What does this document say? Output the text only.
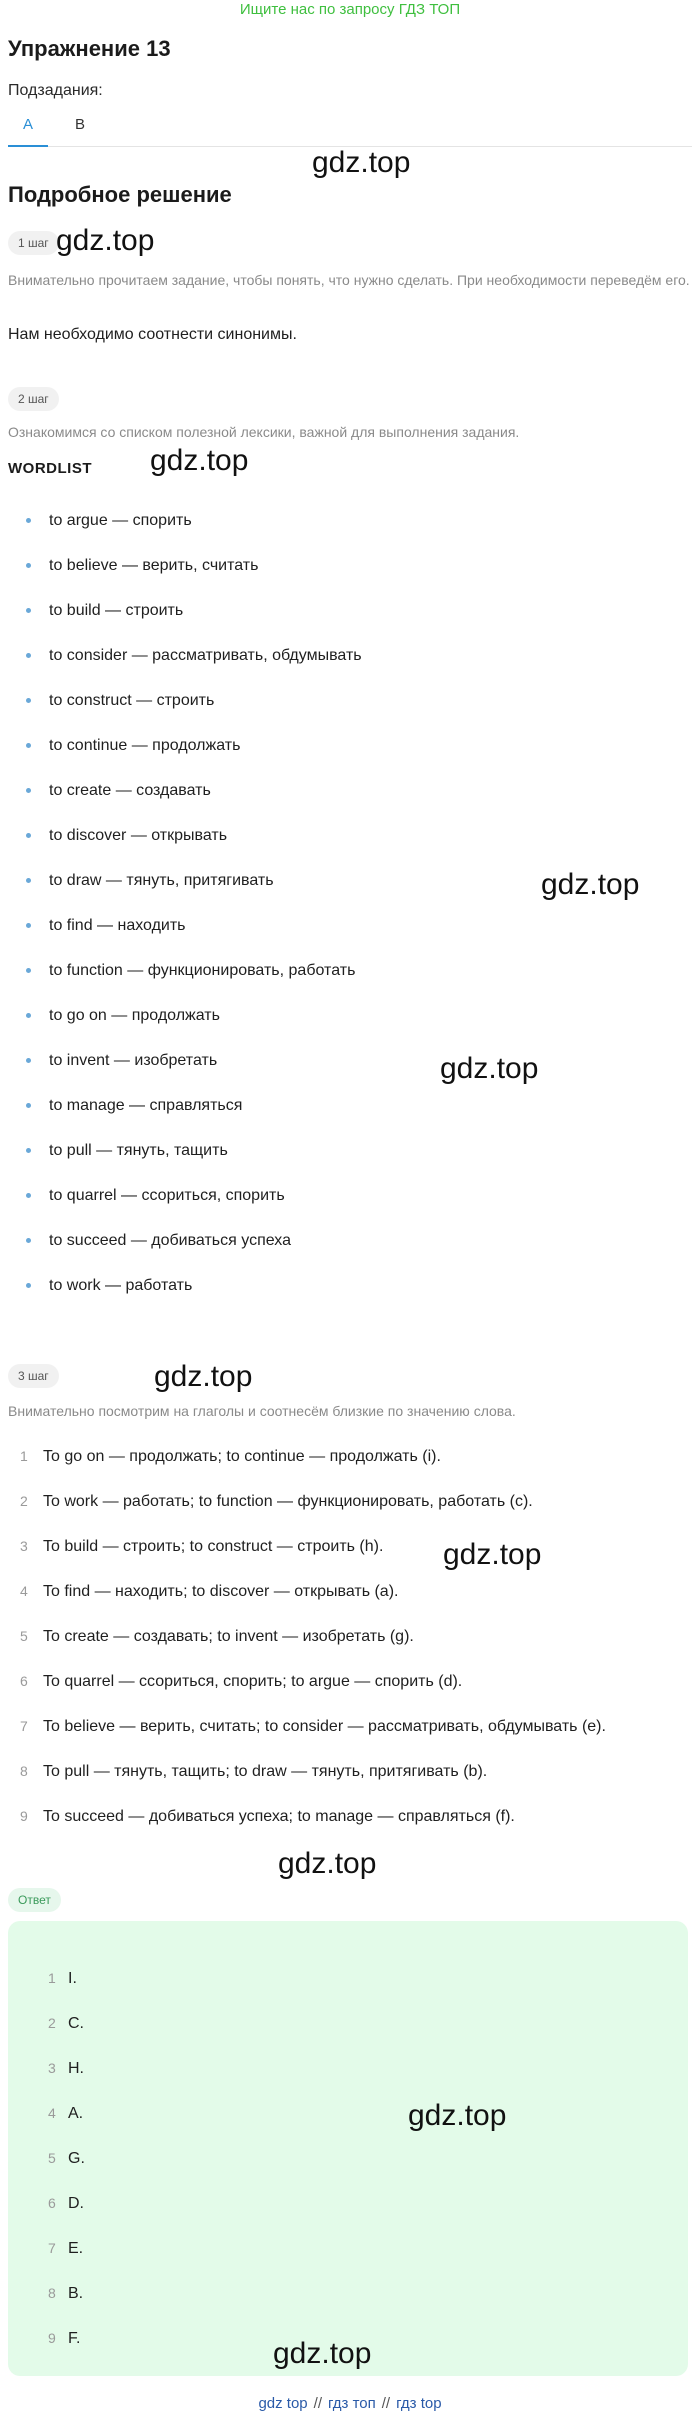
Ищите нас по запросу ГДЗ ТОП
Упражнение 13
Подзадания:
A	B
Подробное решение
1 шаг
Внимательно прочитаем задание, чтобы понять, что нужно сделать. При необходимости переведём его.
Нам необходимо соотнести синонимы.
2 шаг
Ознакомимся со списком полезной лексики, важной для выполнения задания.
WORDLIST
to argue — спорить
to believe — верить, считать
to build — строить
to consider — рассматривать, обдумывать
to construct — строить
to continue — продолжать
to create — создавать
to discover — открывать
to draw — тянуть, притягивать
to find — находить
to function — функционировать, работать
to go on — продолжать
to invent — изобретать
to manage — справляться
to pull — тянуть, тащить
to quarrel — ссориться, спорить
to succeed — добиваться успеха
to work — работать
3 шаг
Внимательно посмотрим на глаголы и соотнесём близкие по значению слова.
1 To go on — продолжать; to continue — продолжать (i).
2 To work — работать; to function — функционировать, работать (c).
3 To build — строить; to construct — строить (h).
4 To find — находить; to discover — открывать (a).
5 To create — создавать; to invent — изобретать (g).
6 To quarrel — ссориться, спорить; to argue — спорить (d).
7 To believe — верить, считать; to consider — рассматривать, обдумывать (e).
8 To pull — тянуть, тащить; to draw — тянуть, притягивать (b).
9 To succeed — добиваться успеха; to manage — справляться (f).
Ответ
1 I.
2 C.
3 H.
4 A.
5 G.
6 D.
7 E.
8 B.
9 F.
gdz.top
gdz.top
gdz.top
gdz.top
gdz.top
gdz.top
gdz.top
gdz.top
gdz.top
gdz.top
gdz top // гдз топ // гдз top
